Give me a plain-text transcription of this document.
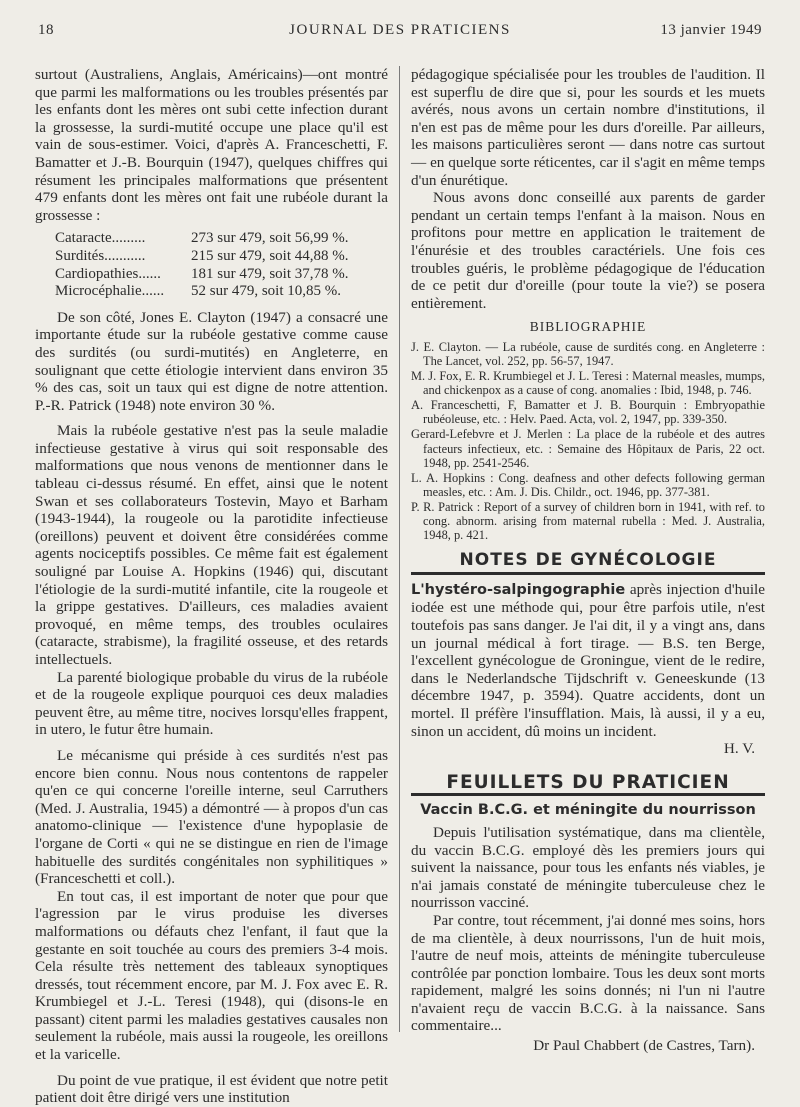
18	JOURNAL DES PRATICIENS	13 janvier 1949

surtout (Australiens, Anglais, Américains)—ont montré que parmi les malformations ou les troubles présentés par les enfants dont les mères ont subi cette infection durant la grossesse, la surdi-mutité occupe une place qu'il est vain de sous-estimer. Voici, d'après A. Franceschetti, F. Bamatter et J.-B. Bourquin (1947), quelques chiffres qui résument les principales malformations que présentent 479 enfants dont les mères ont fait une rubéole durant la grossesse :

Cataracte.........	273 sur 479, soit 56,99 %.
Surdités...........	215 sur 479, soit 44,88 %.
Cardiopathies......	181 sur 479, soit 37,78 %.
Microcéphalie......	52 sur 479, soit 10,85 %.

De son côté, Jones E. Clayton (1947) a consacré une importante étude sur la rubéole gestative comme cause des surdités (ou surdi-mutités) en Angleterre, en soulignant que cette étiologie intervient dans environ 35 % des cas, soit un taux qui est digne de notre attention. P.-R. Patrick (1948) note environ 30 %.

Mais la rubéole gestative n'est pas la seule maladie infectieuse gestative à virus qui soit responsable des malformations que nous venons de mentionner dans le tableau ci-dessus résumé. En effet, ainsi que le notent Swan et ses collaborateurs Tostevin, Mayo et Barham (1943-1944), la rougeole ou la parotidite infectieuse (oreillons) peuvent et doivent être considérées comme agents nociceptifs possibles. Ce même fait est également souligné par Louise A. Hopkins (1946) qui, discutant l'étiologie de la surdi-mutité infantile, cite la rougeole et la grippe gestatives. D'ailleurs, ces maladies avaient provoqué, en même temps, des troubles oculaires (cataracte, strabisme), la fragilité osseuse, et des retards intellectuels.

La parenté biologique probable du virus de la rubéole et de la rougeole explique pourquoi ces deux maladies peuvent être, au même titre, nocives lorsqu'elles frappent, in utero, le futur être humain.

Le mécanisme qui préside à ces surdités n'est pas encore bien connu. Nous nous contentons de rappeler qu'en ce qui concerne l'oreille interne, seul Carruthers (Med. J. Australia, 1945) a démontré — à propos d'un cas anatomo-clinique — l'existence d'une hypoplasie de l'organe de Corti « qui ne se distingue en rien de l'image habituelle des surdités congénitales non syphilitiques » (Franceschetti et coll.).

En tout cas, il est important de noter que pour que l'agression par le virus produise les diverses malformations ou défauts chez l'enfant, il faut que la gestante en soit touchée au cours des premiers 3-4 mois. Cela résulte très nettement des tableaux synoptiques dressés, tout récemment encore, par M. J. Fox avec E. R. Krumbiegel et J.-L. Teresi (1948), qui (disons-le en passant) citent parmi les maladies gestatives causales non seulement la rubéole, mais aussi la rougeole, les oreillons et la varicelle.

Du point de vue pratique, il est évident que notre petit patient doit être dirigé vers une institution

pédagogique spécialisée pour les troubles de l'audition. Il est superflu de dire que si, pour les sourds et les muets avérés, nous avons un certain nombre d'institutions, il n'en est pas de même pour les durs d'oreille. Par ailleurs, les maisons particulières seront — dans notre cas surtout — en quelque sorte réticentes, car il s'agit en même temps d'un énurétique.

Nous avons donc conseillé aux parents de garder pendant un certain temps l'enfant à la maison. Nous en profitons pour mettre en application le traitement de l'énurésie et des troubles caractériels. Une fois ces troubles guéris, le problème pédagogique de l'éducation de ce petit dur d'oreille (pour toute la vie?) se posera entièrement.

BIBLIOGRAPHIE
J. E. Clayton. — La rubéole, cause de surdités cong. en Angleterre : The Lancet, vol. 252, pp. 56-57, 1947.
M. J. Fox, E. R. Krumbiegel et J. L. Teresi : Maternal measles, mumps, and chickenpox as a cause of cong. anomalies : Ibid, 1948, p. 746.
A. Franceschetti, F, Bamatter et J. B. Bourquin : Embryopathie rubéoleuse, etc. : Helv. Paed. Acta, vol. 2, 1947, pp. 339-350.
Gerard-Lefebvre et J. Merlen : La place de la rubéole et des autres facteurs infectieux, etc. : Semaine des Hôpitaux de Paris, 22 oct. 1948, pp. 2541-2546.
L. A. Hopkins : Cong. deafness and other defects following german measles, etc. : Am. J. Dis. Childr., oct. 1946, pp. 377-381.
P. R. Patrick : Report of a survey of children born in 1941, with ref. to cong. abnorm. arising from maternal rubella : Med. J. Australia, 1948, p. 421.
NOTES DE GYNÉCOLOGIE

L'hystéro-salpingographie après injection d'huile iodée est une méthode qui, pour être parfois utile, n'est toutefois pas sans danger. Je l'ai dit, il y a vingt ans, dans un journal médical à fort tirage. — B.S. ten Berge, l'excellent gynécologue de Groningue, vient de le redire, dans le Nederlandsche Tijdschrift v. Geneeskunde (13 décembre 1947, p. 3594). Quatre accidents, dont un mortel. Il préfère l'insufflation. Mais, là aussi, il y a eu, sinon un accident, dû moins un incident.

H. V.
FEUILLETS DU PRATICIEN
Vaccin B.C.G. et méningite du nourrisson

Depuis l'utilisation systématique, dans ma clientèle, du vaccin B.C.G. employé dès les premiers jours qui suivent la naissance, pour tous les enfants nés viables, je n'ai jamais constaté de méningite tuberculeuse chez le nourrisson vacciné.

Par contre, tout récemment, j'ai donné mes soins, hors de ma clientèle, à deux nourrissons, l'un de huit mois, l'autre de neuf mois, atteints de méningite tuberculeuse contrôlée par ponction lombaire. Tous les deux sont morts rapidement, malgré les soins donnés; ni l'un ni l'autre n'avaient reçu de vaccin B.C.G. à la naissance. Sans commentaire...

Dr Paul Chabbert (de Castres, Tarn).
